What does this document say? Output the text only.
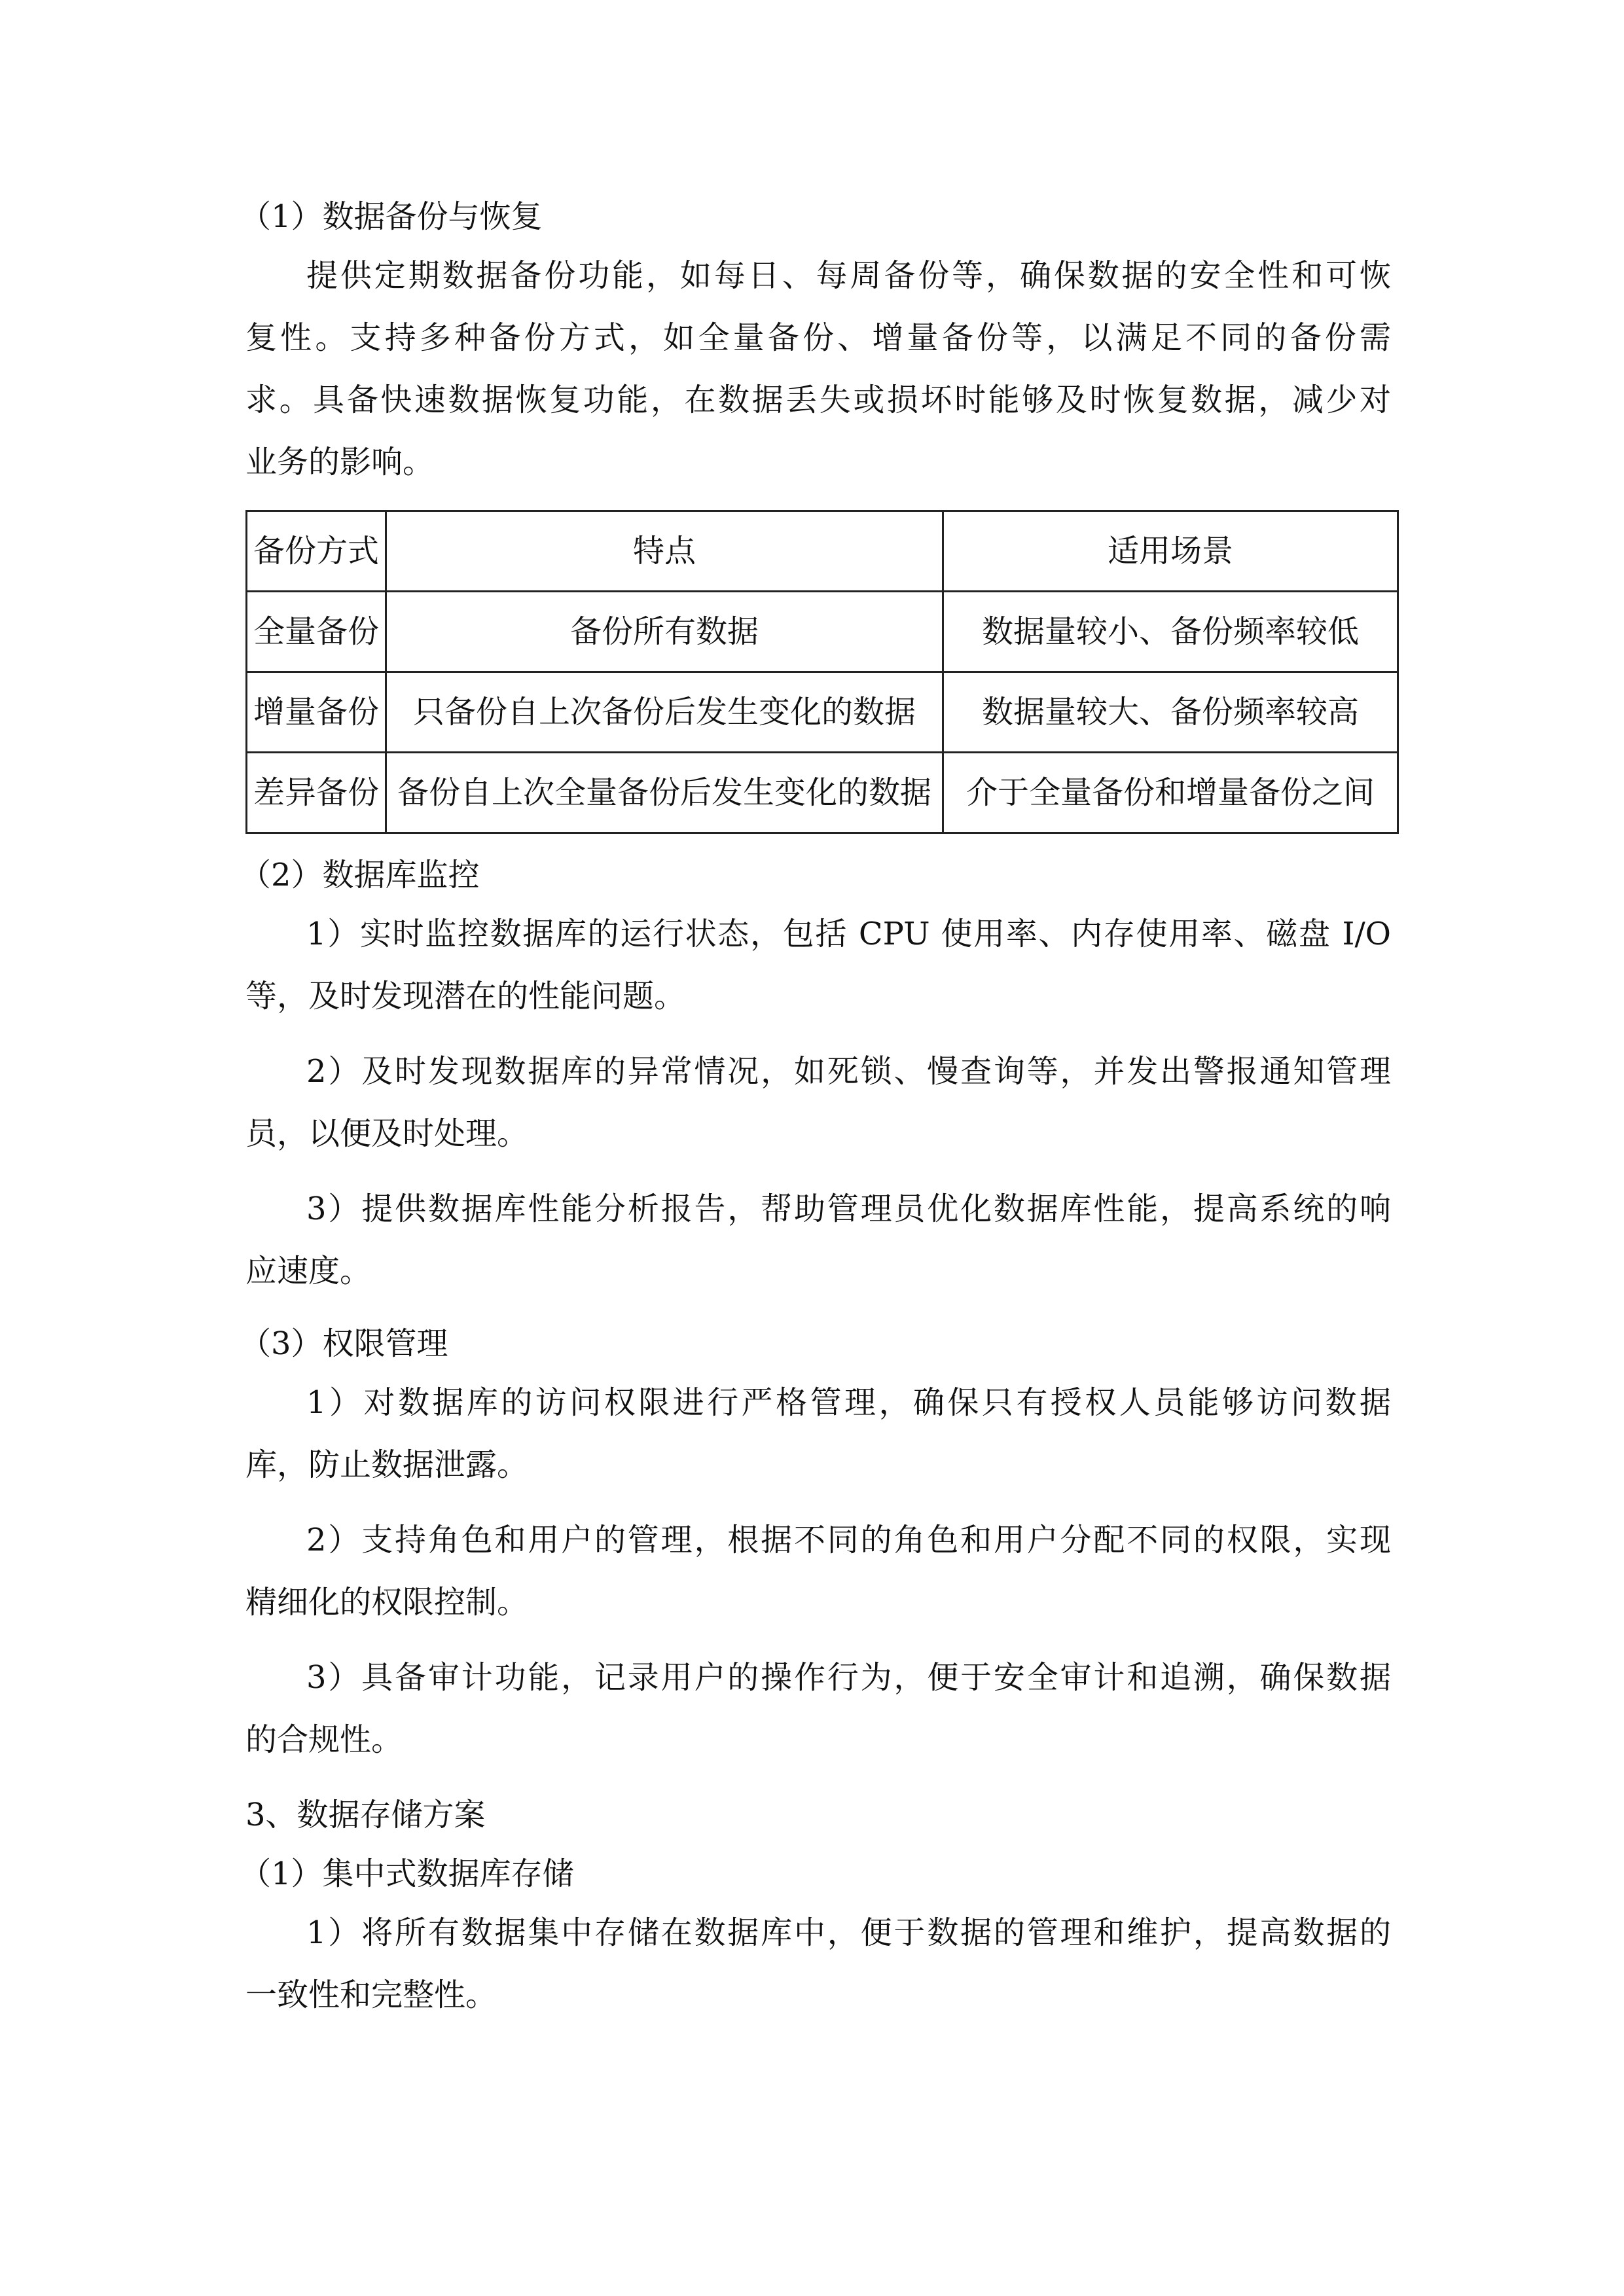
（1）数据备份与恢复

提供定期数据备份功能，如每日、每周备份等，确保数据的安全性和可恢

复性。支持多种备份方式，如全量备份、增量备份等，以满足不同的备份需

求。具备快速数据恢复功能，在数据丢失或损坏时能够及时恢复数据，减少对

业务的影响。

备份方式	特点	适用场景
全量备份	备份所有数据	数据量较小、备份频率较低
增量备份	只备份自上次备份后发生变化的数据	数据量较大、备份频率较高
差异备份	备份自上次全量备份后发生变化的数据	介于全量备份和增量备份之间

（2）数据库监控

1）实时监控数据库的运行状态，包括 CPU 使用率、内存使用率、磁盘 I/O

等，及时发现潜在的性能问题。

2）及时发现数据库的异常情况，如死锁、慢查询等，并发出警报通知管理

员，以便及时处理。

3）提供数据库性能分析报告，帮助管理员优化数据库性能，提高系统的响

应速度。

（3）权限管理

1）对数据库的访问权限进行严格管理，确保只有授权人员能够访问数据

库，防止数据泄露。

2）支持角色和用户的管理，根据不同的角色和用户分配不同的权限，实现

精细化的权限控制。

3）具备审计功能，记录用户的操作行为，便于安全审计和追溯，确保数据

的合规性。

3、数据存储方案

（1）集中式数据库存储

1）将所有数据集中存储在数据库中，便于数据的管理和维护，提高数据的

一致性和完整性。
